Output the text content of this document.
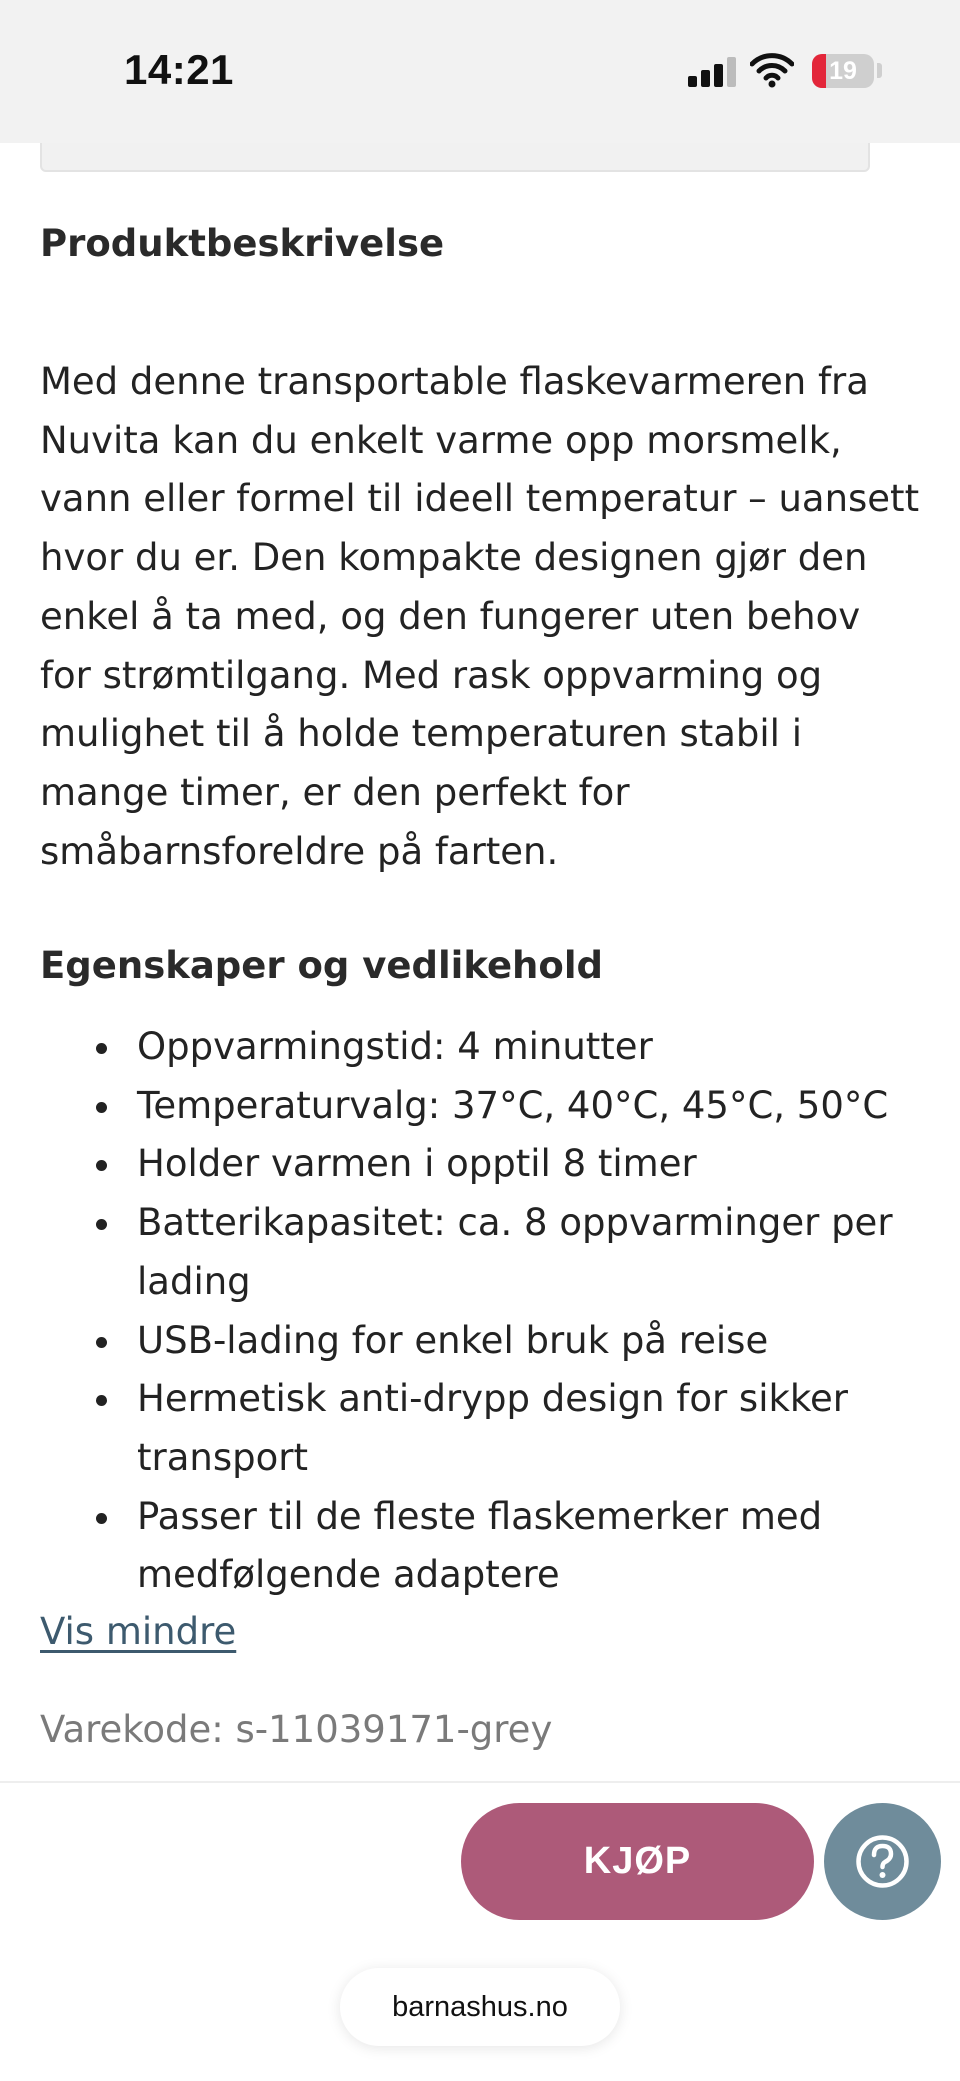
14:21	19
Produktbeskrivelse

Med denne transportable flaskevarmeren fra Nuvita kan du enkelt varme opp morsmelk, vann eller formel til ideell temperatur – uansett hvor du er. Den kompakte designen gjør den enkel å ta med, og den fungerer uten behov for strømtilgang. Med rask oppvarming og mulighet til å holde temperaturen stabil i mange timer, er den perfekt for småbarnsforeldre på farten.

Egenskaper og vedlikehold
Oppvarmingstid: 4 minutter
Temperaturvalg: 37°C, 40°C, 45°C, 50°C
Holder varmen i opptil 8 timer
Batterikapasitet: ca. 8 oppvarminger per lading
USB-lading for enkel bruk på reise
Hermetisk anti-drypp design for sikker transport
Passer til de fleste flaskemerker med medfølgende adaptere
Vis mindre
Varekode: s-11039171-grey
KJØP
barnashus.no
